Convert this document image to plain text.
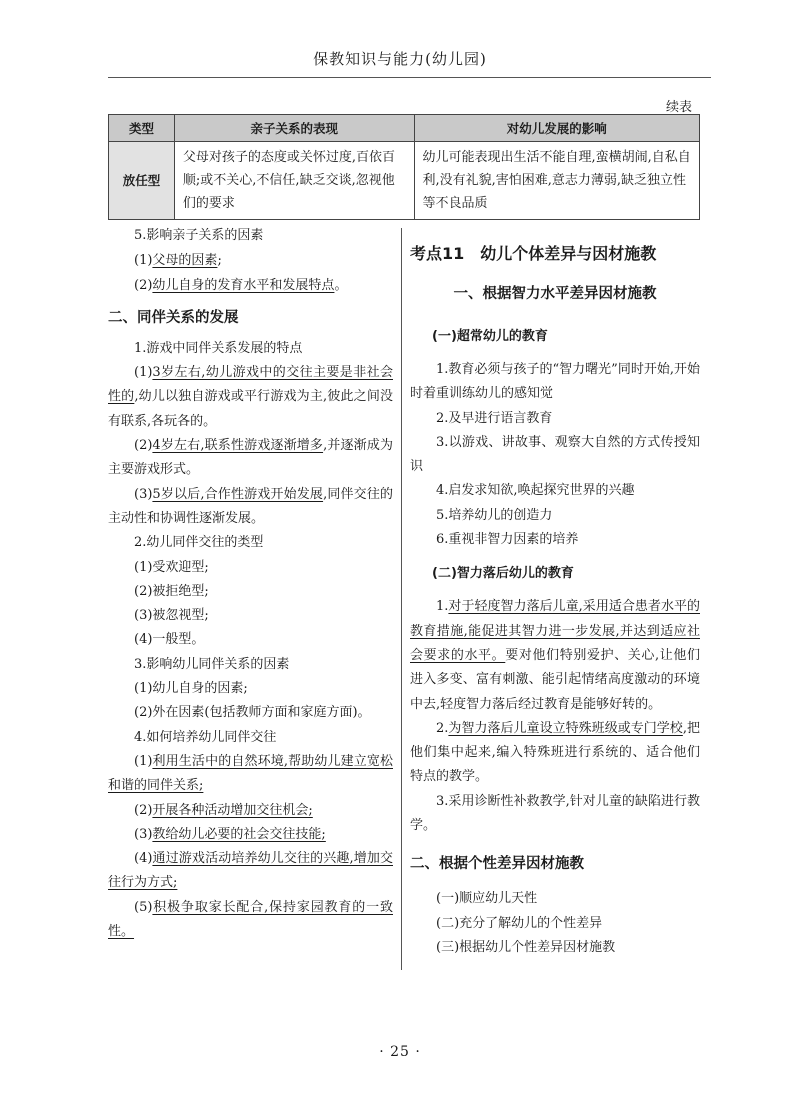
保教知识与能力(幼儿园)
续表
类型	亲子关系的表现	对幼儿发展的影响
放任型	父母对孩子的态度或关怀过度,百依百顺;或不关心,不信任,缺乏交谈,忽视他们的要求	幼儿可能表现出生活不能自理,蛮横胡闹,自私自利,没有礼貌,害怕困难,意志力薄弱,缺乏独立性等不良品质

5.影响亲子关系的因素

(1)父母的因素;

(2)幼儿自身的发育水平和发展特点。

二、同伴关系的发展

1.游戏中同伴关系发展的特点

(1)3岁左右,幼儿游戏中的交往主要是非社会性的,幼儿以独自游戏或平行游戏为主,彼此之间没有联系,各玩各的。

(2)4岁左右,联系性游戏逐渐增多,并逐渐成为主要游戏形式。

(3)5岁以后,合作性游戏开始发展,同伴交往的主动性和协调性逐渐发展。

2.幼儿同伴交往的类型

(1)受欢迎型;

(2)被拒绝型;

(3)被忽视型;

(4)一般型。

3.影响幼儿同伴关系的因素

(1)幼儿自身的因素;

(2)外在因素(包括教师方面和家庭方面)。

4.如何培养幼儿同伴交往

(1)利用生活中的自然环境,帮助幼儿建立宽松和谐的同伴关系;

(2)开展各种活动增加交往机会;

(3)教给幼儿必要的社会交往技能;

(4)通过游戏活动培养幼儿交往的兴趣,增加交往行为方式;

(5)积极争取家长配合,保持家园教育的一致性。

考点11　幼儿个体差异与因材施教

一、根据智力水平差异因材施教

(一)超常幼儿的教育

1.教育必须与孩子的“智力曙光”同时开始,开始时着重训练幼儿的感知觉

2.及早进行语言教育

3.以游戏、讲故事、观察大自然的方式传授知识

4.启发求知欲,唤起探究世界的兴趣

5.培养幼儿的创造力

6.重视非智力因素的培养

(二)智力落后幼儿的教育

1.对于轻度智力落后儿童,采用适合患者水平的教育措施,能促进其智力进一步发展,并达到适应社会要求的水平。要对他们特别爱护、关心,让他们进入多变、富有刺激、能引起情绪高度激动的环境中去,轻度智力落后经过教育是能够好转的。

2.为智力落后儿童设立特殊班级或专门学校,把他们集中起来,编入特殊班进行系统的、适合他们特点的教学。

3.采用诊断性补救教学,针对儿童的缺陷进行教学。

二、根据个性差异因材施教

(一)顺应幼儿天性

(二)充分了解幼儿的个性差异

(三)根据幼儿个性差异因材施教

· 25 ·
